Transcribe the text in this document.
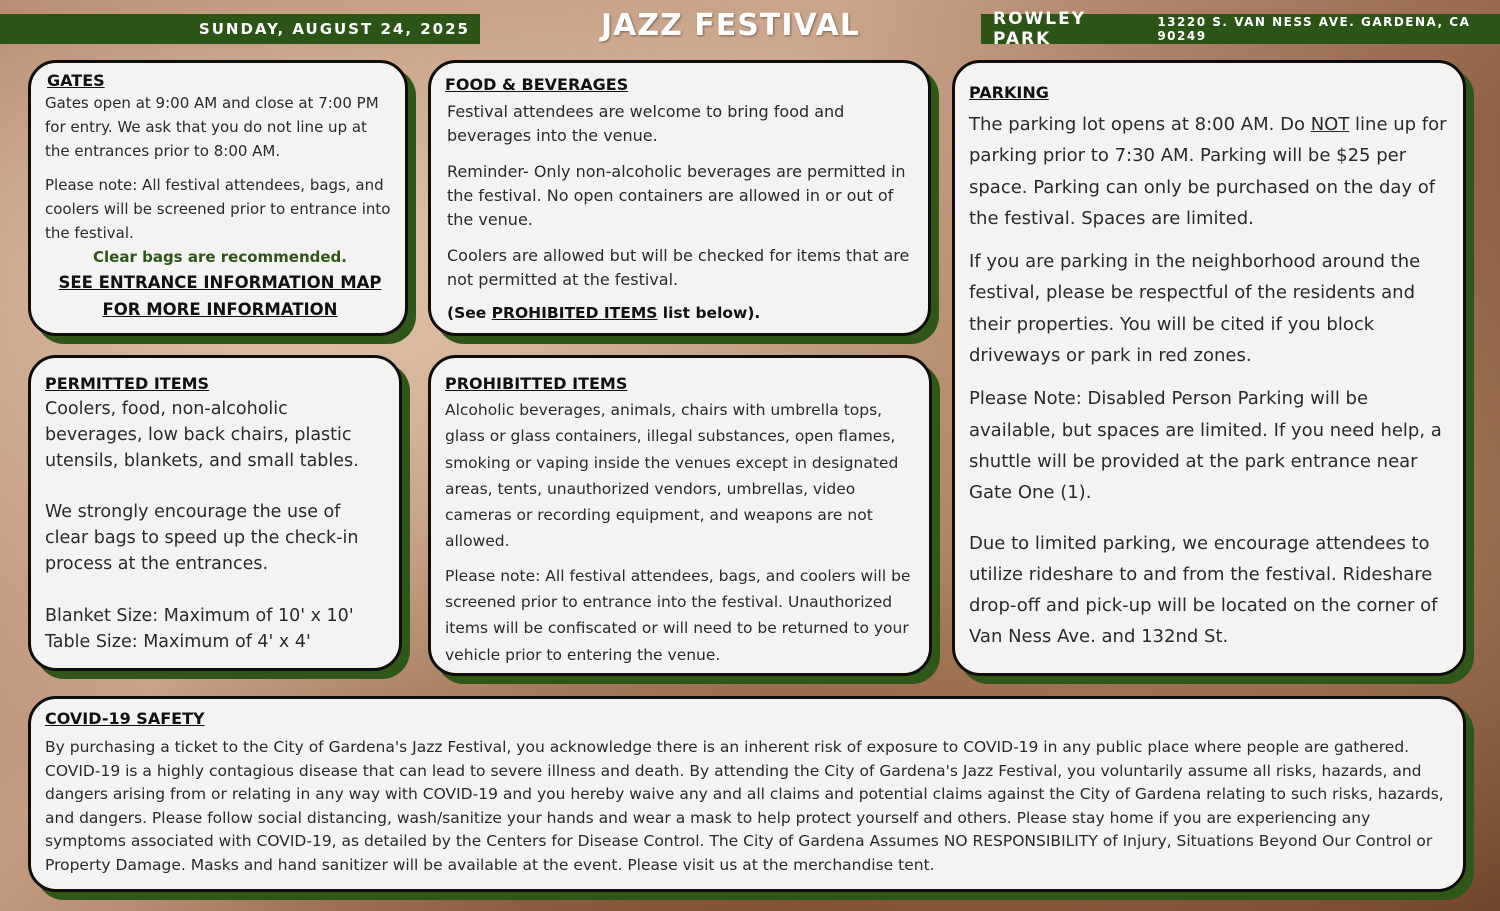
SUNDAY, AUGUST 24, 2025	JAZZ FESTIVAL	ROWLEY PARK
13220 S. VAN NESS AVE. GARDENA, CA 90249
GATES

Gates open at 9:00 AM and close at 7:00 PM for entry. We ask that you do not line up at the entrances prior to 8:00 AM.

Please note: All festival attendees, bags, and coolers will be screened prior to entrance into the festival.

Clear bags are recommended.

SEE ENTRANCE INFORMATION MAP FOR MORE INFORMATION

FOOD & BEVERAGES

Festival attendees are welcome to bring food and beverages into the venue.

Reminder- Only non-alcoholic beverages are permitted in the festival. No open containers are allowed in or out of the venue.

Coolers are allowed but will be checked for items that are not permitted at the festival.

(See PROHIBITED ITEMS list below).

PARKING

The parking lot opens at 8:00 AM. Do NOT line up for parking prior to 7:30 AM. Parking will be $25 per space. Parking can only be purchased on the day of the festival. Spaces are limited.

If you are parking in the neighborhood around the festival, please be respectful of the residents and their properties. You will be cited if you block driveways or park in red zones.

Please Note: Disabled Person Parking will be available, but spaces are limited. If you need help, a shuttle will be provided at the park entrance near Gate One (1).

Due to limited parking, we encourage attendees to utilize rideshare to and from the festival. Rideshare drop-off and pick-up will be located on the corner of Van Ness Ave. and 132nd St.

PERMITTED ITEMS

Coolers, food, non-alcoholic beverages, low back chairs, plastic utensils, blankets, and small tables.

We strongly encourage the use of clear bags to speed up the check-in process at the entrances.

Blanket Size: Maximum of 10' x 10'

Table Size: Maximum of 4' x 4'

PROHIBITTED ITEMS

Alcoholic beverages, animals, chairs with umbrella tops, glass or glass containers, illegal substances, open flames, smoking or vaping inside the venues except in designated areas, tents, unauthorized vendors, umbrellas, video cameras or recording equipment, and weapons are not allowed.

Please note: All festival attendees, bags, and coolers will be screened prior to entrance into the festival. Unauthorized items will be confiscated or will need to be returned to your vehicle prior to entering the venue.

COVID-19 SAFETY

By purchasing a ticket to the City of Gardena's Jazz Festival, you acknowledge there is an inherent risk of exposure to COVID-19 in any public place where people are gathered. COVID-19 is a highly contagious disease that can lead to severe illness and death. By attending the City of Gardena's Jazz Festival, you voluntarily assume all risks, hazards, and dangers arising from or relating in any way with COVID-19 and you hereby waive any and all claims and potential claims against the City of Gardena relating to such risks, hazards, and dangers. Please follow social distancing, wash/sanitize your hands and wear a mask to help protect yourself and others. Please stay home if you are experiencing any symptoms associated with COVID-19, as detailed by the Centers for Disease Control. The City of Gardena Assumes NO RESPONSIBILITY of Injury, Situations Beyond Our Control or Property Damage. Masks and hand sanitizer will be available at the event. Please visit us at the merchandise tent.
